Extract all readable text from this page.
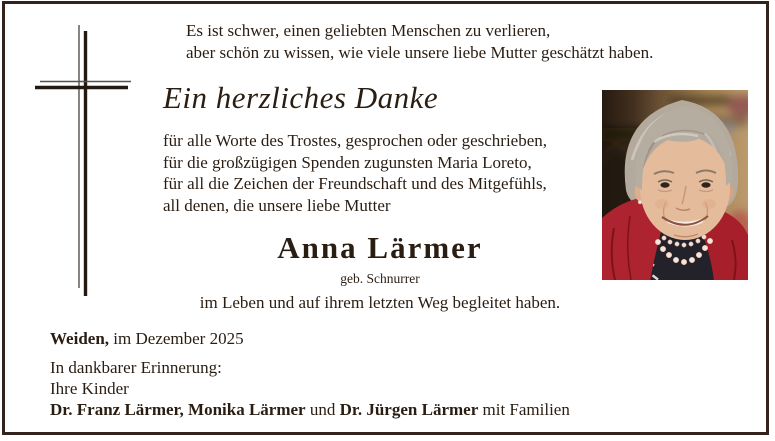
Es ist schwer, einen geliebten Menschen zu verlieren,
aber schön zu wissen, wie viele unsere liebe Mutter geschätzt haben.
Ein herzliches Danke
für alle Worte des Trostes, gesprochen oder geschrieben,
für die großzügigen Spenden zugunsten Maria Loreto,
für all die Zeichen der Freundschaft und des Mitgefühls,
all denen, die unsere liebe Mutter
Anna Lärmer
geb. Schnurrer
im Leben und auf ihrem letzten Weg begleitet haben.
Weiden, im Dezember 2025
In dankbarer Erinnerung:
Ihre Kinder
Dr. Franz Lärmer, Monika Lärmer und Dr. Jürgen Lärmer mit Familien
